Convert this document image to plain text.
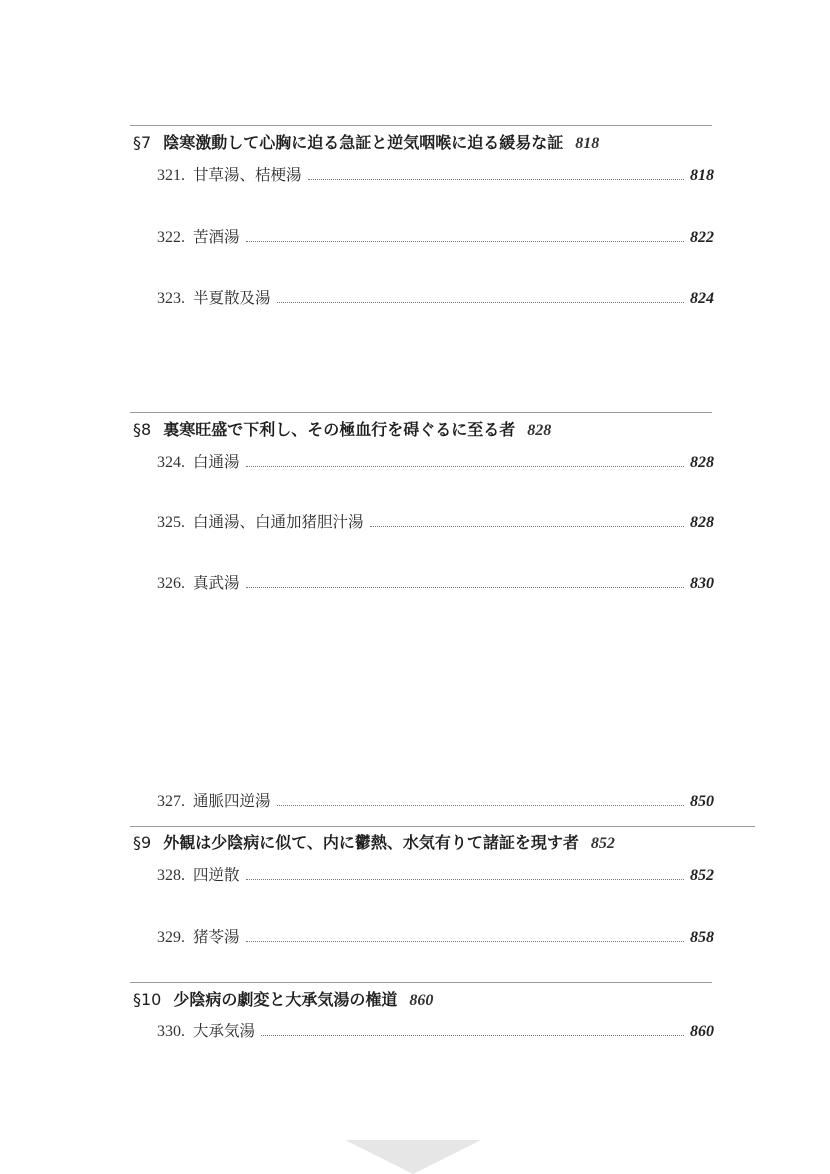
§7 陰寒激動して心胸に迫る急証と逆気咽喉に迫る緩易な証 818
321. 甘草湯、桔梗湯	818
322. 苦酒湯	822
323. 半夏散及湯	824
§8 裏寒旺盛で下利し、その極血行を碍ぐるに至る者 828
324. 白通湯	828
325. 白通湯、白通加猪胆汁湯	828
326. 真武湯	830
327. 通脈四逆湯	850
§9 外観は少陰病に似て、内に鬱熱、水気有りて諸証を現す者 852
328. 四逆散	852
329. 猪苓湯	858
§10 少陰病の劇変と大承気湯の権道 860
330. 大承気湯	860
